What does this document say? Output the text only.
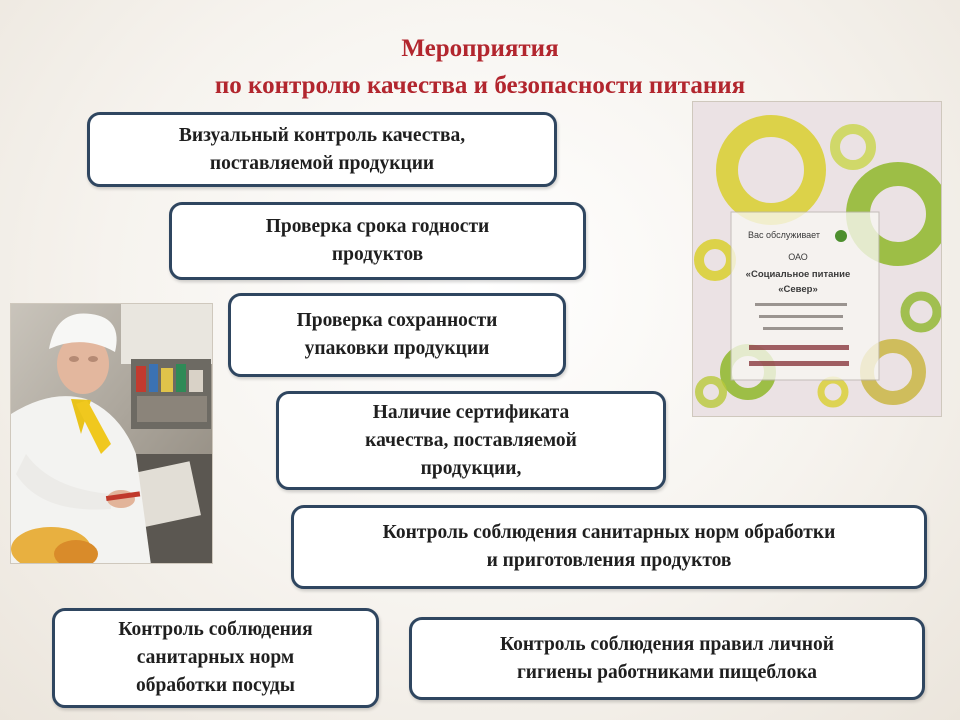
Мероприятия
по контролю качества и безопасности питания
Визуальный контроль качества,
поставляемой продукции
Проверка срока годности
продуктов
Проверка сохранности
упаковки продукции
Наличие сертификата
качества, поставляемой
продукции,
Контроль соблюдения санитарных норм обработки
и приготовления продуктов
Контроль соблюдения
санитарных норм
обработки посуды
Контроль соблюдения правил личной
гигиены работниками пищеблока
Вас обслуживает
ОАО
«Социальное питание
«Север»
